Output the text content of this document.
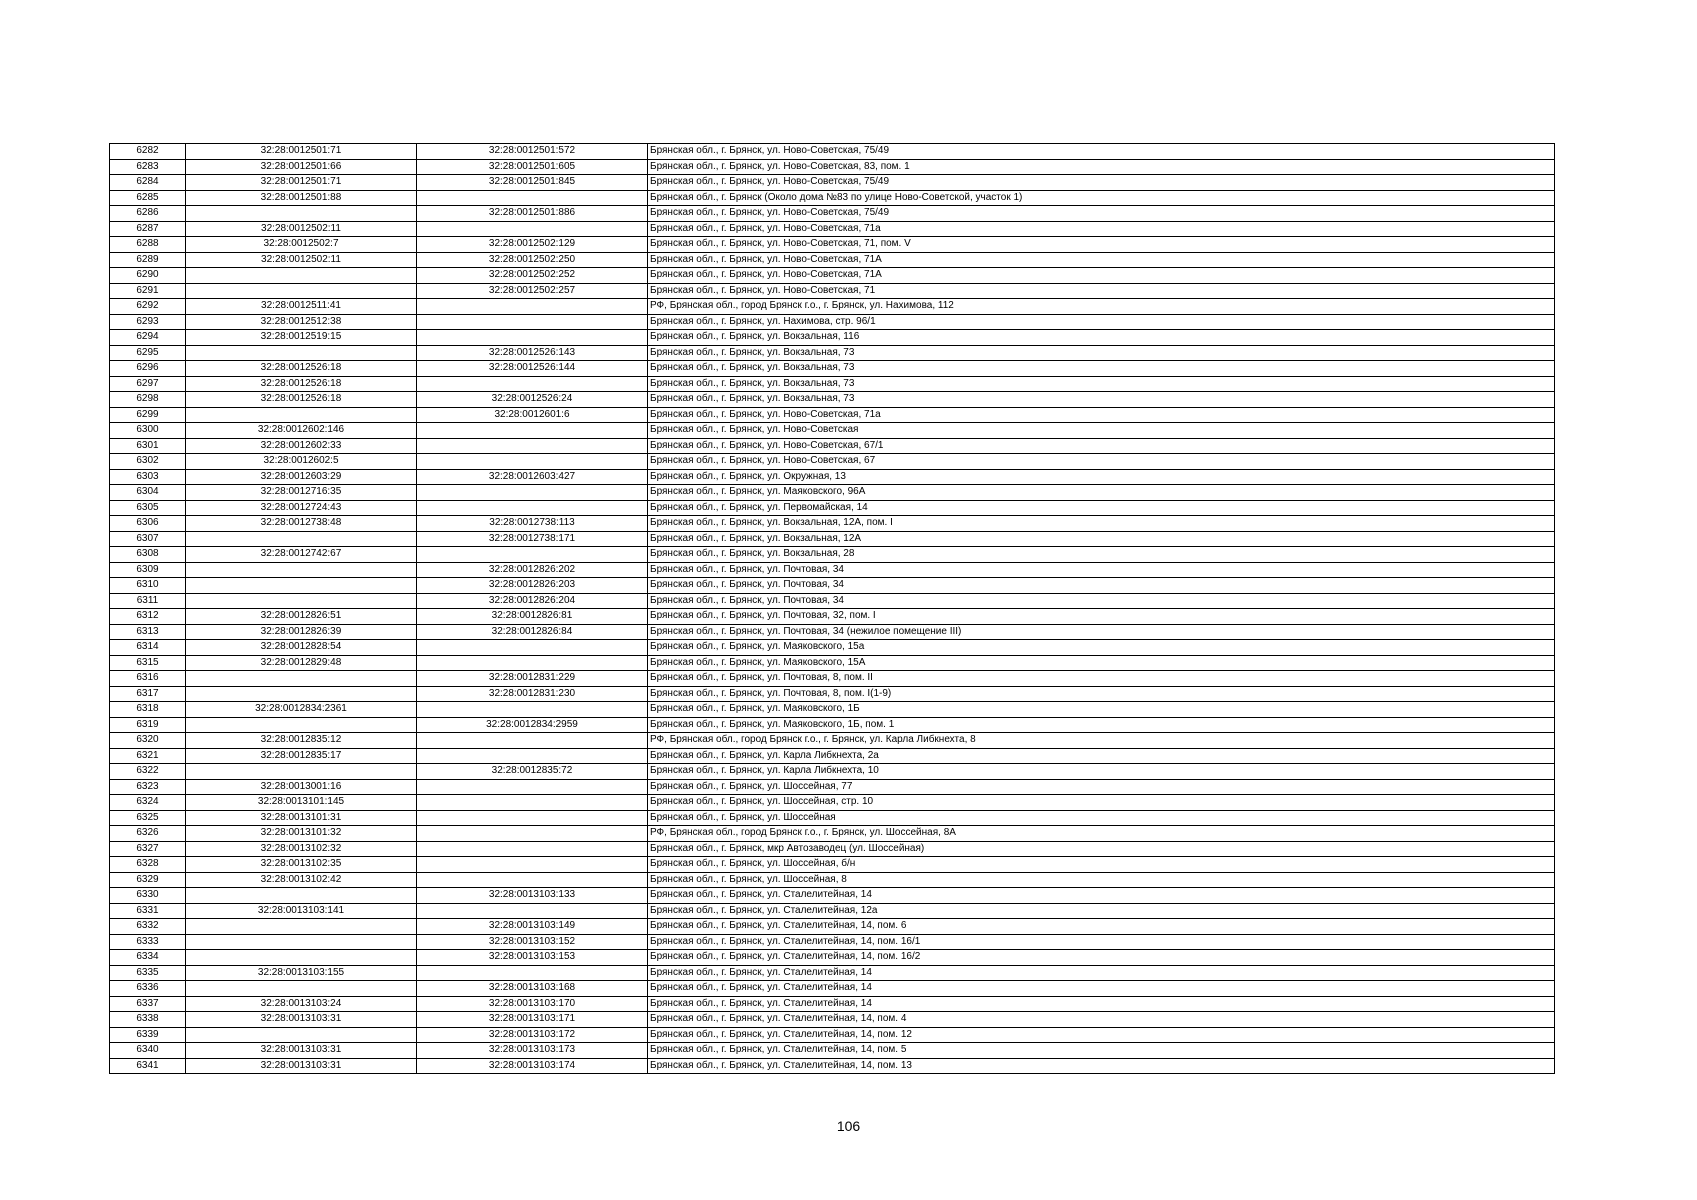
6282	32:28:0012501:71	32:28:0012501:572	Брянская обл., г. Брянск, ул. Ново-Советская, 75/49
6283	32:28:0012501:66	32:28:0012501:605	Брянская обл., г. Брянск, ул. Ново-Советская, 83, пом. 1
6284	32:28:0012501:71	32:28:0012501:845	Брянская обл., г. Брянск, ул. Ново-Советская, 75/49
6285	32:28:0012501:88		Брянская обл., г. Брянск (Около дома №83 по улице Ново-Советской, участок 1)
6286		32:28:0012501:886	Брянская обл., г. Брянск, ул. Ново-Советская, 75/49
6287	32:28:0012502:11		Брянская обл., г. Брянск, ул. Ново-Советская, 71а
6288	32:28:0012502:7	32:28:0012502:129	Брянская обл., г. Брянск, ул. Ново-Советская, 71, пом. V
6289	32:28:0012502:11	32:28:0012502:250	Брянская обл., г. Брянск, ул. Ново-Советская, 71А
6290		32:28:0012502:252	Брянская обл., г. Брянск, ул. Ново-Советская, 71А
6291		32:28:0012502:257	Брянская обл., г. Брянск, ул. Ново-Советская, 71
6292	32:28:0012511:41		РФ, Брянская обл., город Брянск г.о., г. Брянск, ул. Нахимова, 112
6293	32:28:0012512:38		Брянская обл., г. Брянск, ул. Нахимова, стр. 96/1
6294	32:28:0012519:15		Брянская обл., г. Брянск, ул. Вокзальная, 116
6295		32:28:0012526:143	Брянская обл., г. Брянск, ул. Вокзальная, 73
6296	32:28:0012526:18	32:28:0012526:144	Брянская обл., г. Брянск, ул. Вокзальная, 73
6297	32:28:0012526:18		Брянская обл., г. Брянск, ул. Вокзальная, 73
6298	32:28:0012526:18	32:28:0012526:24	Брянская обл., г. Брянск, ул. Вокзальная, 73
6299		32:28:0012601:6	Брянская обл., г. Брянск, ул. Ново-Советская, 71а
6300	32:28:0012602:146		Брянская обл., г. Брянск, ул. Ново-Советская
6301	32:28:0012602:33		Брянская обл., г. Брянск, ул. Ново-Советская, 67/1
6302	32:28:0012602:5		Брянская обл., г. Брянск, ул. Ново-Советская, 67
6303	32:28:0012603:29	32:28:0012603:427	Брянская обл., г. Брянск, ул. Окружная, 13
6304	32:28:0012716:35		Брянская обл., г. Брянск, ул. Маяковского, 96А
6305	32:28:0012724:43		Брянская обл., г. Брянск, ул. Первомайская, 14
6306	32:28:0012738:48	32:28:0012738:113	Брянская обл., г. Брянск, ул. Вокзальная, 12А, пом. I
6307		32:28:0012738:171	Брянская обл., г. Брянск, ул. Вокзальная, 12А
6308	32:28:0012742:67		Брянская обл., г. Брянск, ул. Вокзальная, 28
6309		32:28:0012826:202	Брянская обл., г. Брянск, ул. Почтовая, 34
6310		32:28:0012826:203	Брянская обл., г. Брянск, ул. Почтовая, 34
6311		32:28:0012826:204	Брянская обл., г. Брянск, ул. Почтовая, 34
6312	32:28:0012826:51	32:28:0012826:81	Брянская обл., г. Брянск, ул. Почтовая, 32, пом. I
6313	32:28:0012826:39	32:28:0012826:84	Брянская обл., г. Брянск, ул. Почтовая, 34 (нежилое помещение III)
6314	32:28:0012828:54		Брянская обл., г. Брянск, ул. Маяковского, 15а
6315	32:28:0012829:48		Брянская обл., г. Брянск, ул. Маяковского, 15А
6316		32:28:0012831:229	Брянская обл., г. Брянск, ул. Почтовая, 8, пом. II
6317		32:28:0012831:230	Брянская обл., г. Брянск, ул. Почтовая, 8, пом. I(1-9)
6318	32:28:0012834:2361		Брянская обл., г. Брянск, ул. Маяковского, 1Б
6319		32:28:0012834:2959	Брянская обл., г. Брянск, ул. Маяковского, 1Б, пом. 1
6320	32:28:0012835:12		РФ, Брянская обл., город Брянск г.о., г. Брянск, ул. Карла Либкнехта, 8
6321	32:28:0012835:17		Брянская обл., г. Брянск, ул. Карла Либкнехта, 2а
6322		32:28:0012835:72	Брянская обл., г. Брянск, ул. Карла Либкнехта, 10
6323	32:28:0013001:16		Брянская обл., г. Брянск, ул. Шоссейная, 77
6324	32:28:0013101:145		Брянская обл., г. Брянск, ул. Шоссейная, стр. 10
6325	32:28:0013101:31		Брянская обл., г. Брянск, ул. Шоссейная
6326	32:28:0013101:32		РФ, Брянская обл., город Брянск г.о., г. Брянск, ул. Шоссейная, 8А
6327	32:28:0013102:32		Брянская обл., г. Брянск, мкр Автозаводец (ул. Шоссейная)
6328	32:28:0013102:35		Брянская обл., г. Брянск, ул. Шоссейная, б/н
6329	32:28:0013102:42		Брянская обл., г. Брянск, ул. Шоссейная, 8
6330		32:28:0013103:133	Брянская обл., г. Брянск, ул. Сталелитейная, 14
6331	32:28:0013103:141		Брянская обл., г. Брянск, ул. Сталелитейная, 12а
6332		32:28:0013103:149	Брянская обл., г. Брянск, ул. Сталелитейная, 14, пом. 6
6333		32:28:0013103:152	Брянская обл., г. Брянск, ул. Сталелитейная, 14, пом. 16/1
6334		32:28:0013103:153	Брянская обл., г. Брянск, ул. Сталелитейная, 14, пом. 16/2
6335	32:28:0013103:155		Брянская обл., г. Брянск, ул. Сталелитейная, 14
6336		32:28:0013103:168	Брянская обл., г. Брянск, ул. Сталелитейная, 14
6337	32:28:0013103:24	32:28:0013103:170	Брянская обл., г. Брянск, ул. Сталелитейная, 14
6338	32:28:0013103:31	32:28:0013103:171	Брянская обл., г. Брянск, ул. Сталелитейная, 14, пом. 4
6339		32:28:0013103:172	Брянская обл., г. Брянск, ул. Сталелитейная, 14, пом. 12
6340	32:28:0013103:31	32:28:0013103:173	Брянская обл., г. Брянск, ул. Сталелитейная, 14, пом. 5
6341	32:28:0013103:31	32:28:0013103:174	Брянская обл., г. Брянск, ул. Сталелитейная, 14, пом. 13
106
